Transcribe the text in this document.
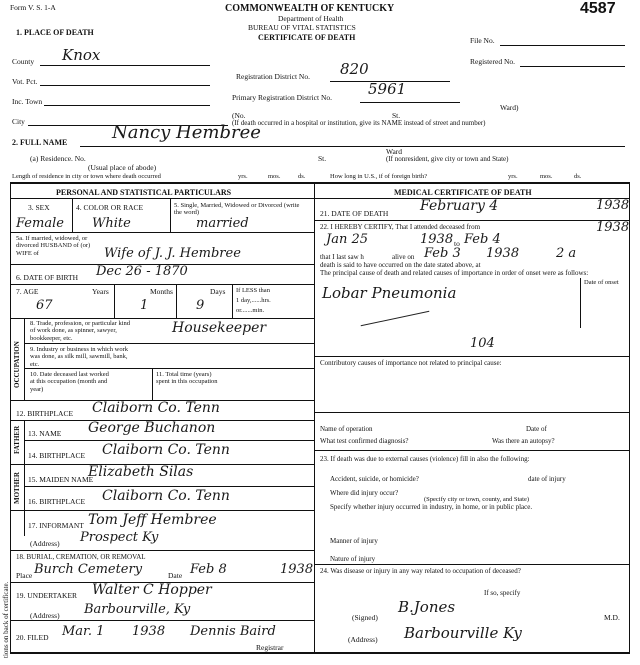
Form V. S. 1-A	4587
COMMONWEALTH OF KENTUCKY
Department of Health
BUREAU OF VITAL STATISTICS
CERTIFICATE OF DEATH	File No.
Registered No.
Registration District No. 820
Primary Registration District No. 5961
1. PLACE OF DEATH
County Knox
Vot. Pct.
Inc. Town
City
(No.	St.
Ward)
(If death occurred in a hospital or institution, give its NAME instead of street and number)
2. FULL NAME Nancy Hembree
(a) Residence. No.
(Usual place of abode)
St.
Ward
(If nonresident, give city or town and State)
Length of residence in city or town where death occurred	yrs.	mos.	ds.	How long in U.S., if of foreign birth?	yrs.	mos.	ds.
PERSONAL AND STATISTICAL PARTICULARS
3. SEX
Female
4. COLOR OR RACE
White
5. Single, Married, Widowed or Divorced (write the word)
married
5a. If married, widowed, or divorced HUSBAND of (or) WIFE of	Wife of J. J. Hembree
6. DATE OF BIRTH Dec 26 - 1870
7. AGE
67
Years
1
Months
9
Days If LESS than
1 day,......hrs.
or.......min.
OCCUPATION
8. Trade, profession, or particular kind of work done, as spinner, sawyer, bookkeeper, etc.
Housekeeper
9. Industry or business in which work was done, as silk mill, sawmill, bank, etc.
10. Date deceased last worked at this occupation (month and year)
11. Total time (years) spent in this occupation
12. BIRTHPLACE Claiborn Co. Tenn
FATHER 13. NAME George Buchanon
14. BIRTHPLACE Claiborn Co. Tenn
MOTHER 15. MAIDEN NAME
Elizabeth Silas
16. BIRTHPLACE Claiborn Co. Tenn
17. INFORMANT Tom Jeff Hembree
(Address) Prospect Ky
18. BURIAL, CREMATION, OR REMOVAL
Place Burch Cemetery	Date Feb 8	1938
19. UNDERTAKER Walter C Hopper
(Address) Barbourville, Ky
20. FILED Mar. 1 1938 Dennis Baird
Registrar
MEDICAL CERTIFICATE OF DEATH
21. DATE OF DEATH February 4	1938
22. I HEREBY CERTIFY, That I attended deceased from
Jan 25	1938 to Feb 4
1938
that I last saw h	alive on Feb 3 1938	2 a
death is said to have occurred on the date stated above, at
The principal cause of death and related causes of importance in order of onset were as follows:
Date of onset
Lobar Pneumonia
104
Contributory causes of importance not related to principal cause:
Name of operation	Date of
What test confirmed diagnosis?	Was there an autopsy?
23. If death was due to external causes (violence) fill in also the following:
Accident, suicide, or homicide?	date of injury
Where did injury occur?
(Specify city or town, county, and State)
Specify whether injury occurred in industry, in home, or in public place.
Manner of injury
Nature of injury
24. Was disease or injury in any way related to occupation of deceased?
If so, specify
(Signed)
B.Jones
M.D.
(Address) Barbourville Ky
tions on back of certificate.
